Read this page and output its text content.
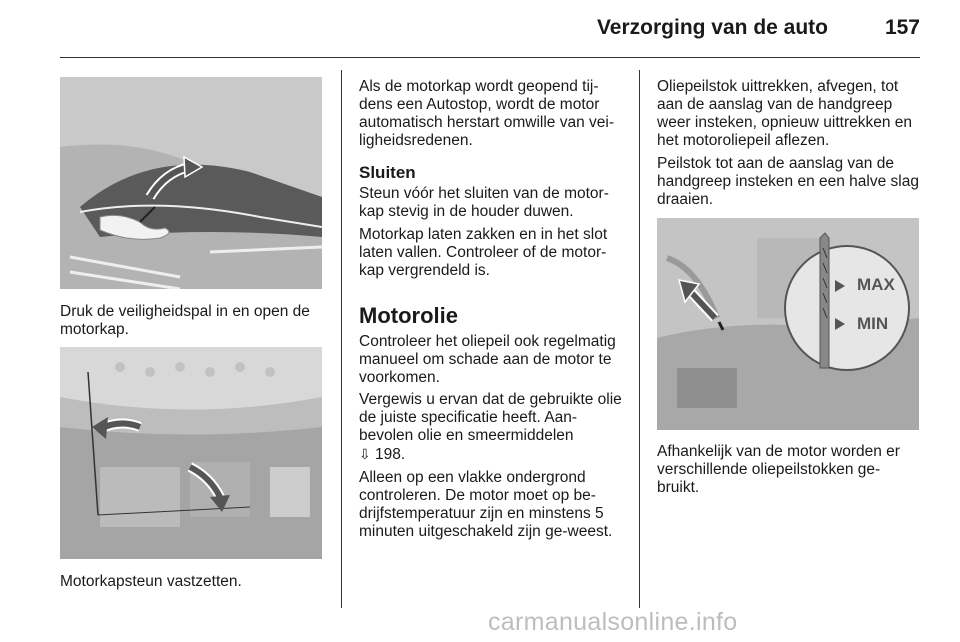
Verzorging van de auto	157

Druk de veiligheidspal in en open de motorkap.

Motorkapsteun vastzetten.

Als de motorkap wordt geopend tij-dens een Autostop, wordt de motor automatisch herstart omwille van vei-ligheidsredenen.

Sluiten

Steun vóór het sluiten van de motor-kap stevig in de houder duwen.

Motorkap laten zakken en in het slot laten vallen. Controleer of de motor-kap vergrendeld is.

Motorolie

Controleer het oliepeil ook regelmatig manueel om schade aan de motor te voorkomen.

Vergewis u ervan dat de gebruikte olie de juiste specificatie heeft. Aan-bevolen olie en smeermiddelen
⇩ 198.

Alleen op een vlakke ondergrond controleren. De motor moet op be-drijfstemperatuur zijn en minstens 5 minuten uitgeschakeld zijn ge-weest.

Oliepeilstok uittrekken, afvegen, tot aan de aanslag van de handgreep weer insteken, opnieuw uittrekken en het motoroliepeil aflezen.

Peilstok tot aan de aanslag van de handgreep insteken en een halve slag draaien.

MAX
MIN

Afhankelijk van de motor worden er verschillende oliepeilstokken ge-bruikt.

carmanualsonline.info
